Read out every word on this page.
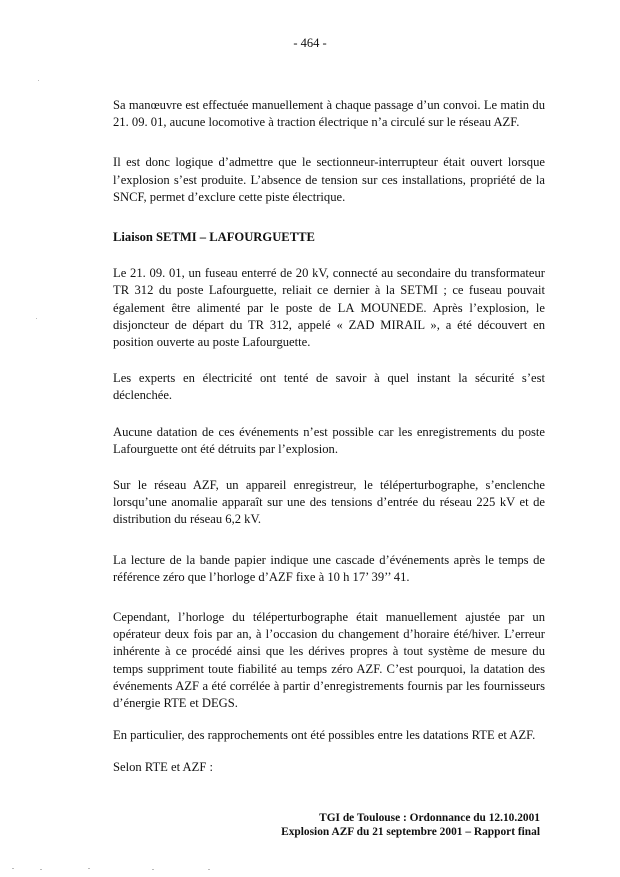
- 464 -

Sa manœuvre est effectuée manuellement à chaque passage d’un convoi. Le matin du 21. 09. 01, aucune locomotive à traction électrique n’a circulé sur le réseau AZF.

Il est donc logique d’admettre que le sectionneur-interrupteur était ouvert lorsque l’explosion s’est produite. L’absence de tension sur ces installations, propriété de la SNCF, permet d’exclure cette piste électrique.

Liaison SETMI – LAFOURGUETTE

Le 21. 09. 01, un fuseau enterré de 20 kV, connecté au secondaire du transformateur TR 312 du poste Lafourguette, reliait ce dernier à la SETMI ; ce fuseau pouvait également être alimenté par le poste de LA MOUNEDE. Après l’explosion, le disjoncteur de départ du TR 312, appelé « ZAD MIRAIL », a été découvert en position ouverte au poste Lafourguette.

Les experts en électricité ont tenté de savoir à quel instant la sécurité s’est déclenchée.

Aucune datation de ces événements n’est possible car les enregistrements du poste Lafourguette ont été détruits par l’explosion.

Sur le réseau AZF, un appareil enregistreur, le téléperturbographe, s’enclenche lorsqu’une anomalie apparaît sur une des tensions d’entrée du réseau 225 kV et de distribution du réseau 6,2 kV.

La lecture de la bande papier indique une cascade d’événements après le temps de référence zéro que l’horloge d’AZF fixe à 10 h 17’ 39’’ 41.

Cependant, l’horloge du téléperturbographe était manuellement ajustée par un opérateur deux fois par an, à l’occasion du changement d’horaire été/hiver. L’erreur inhérente à ce procédé ainsi que les dérives propres à tout système de mesure du temps suppriment toute fiabilité au temps zéro AZF. C’est pourquoi, la datation des événements AZF a été corrélée à partir d’enregistrements fournis par les fournisseurs d’énergie RTE et DEGS.

En particulier, des rapprochements ont été possibles entre les datations RTE et AZF.

Selon RTE et AZF :

TGI de Toulouse : Ordonnance du 12.10.2001
Explosion AZF du 21 septembre 2001 – Rapport final
